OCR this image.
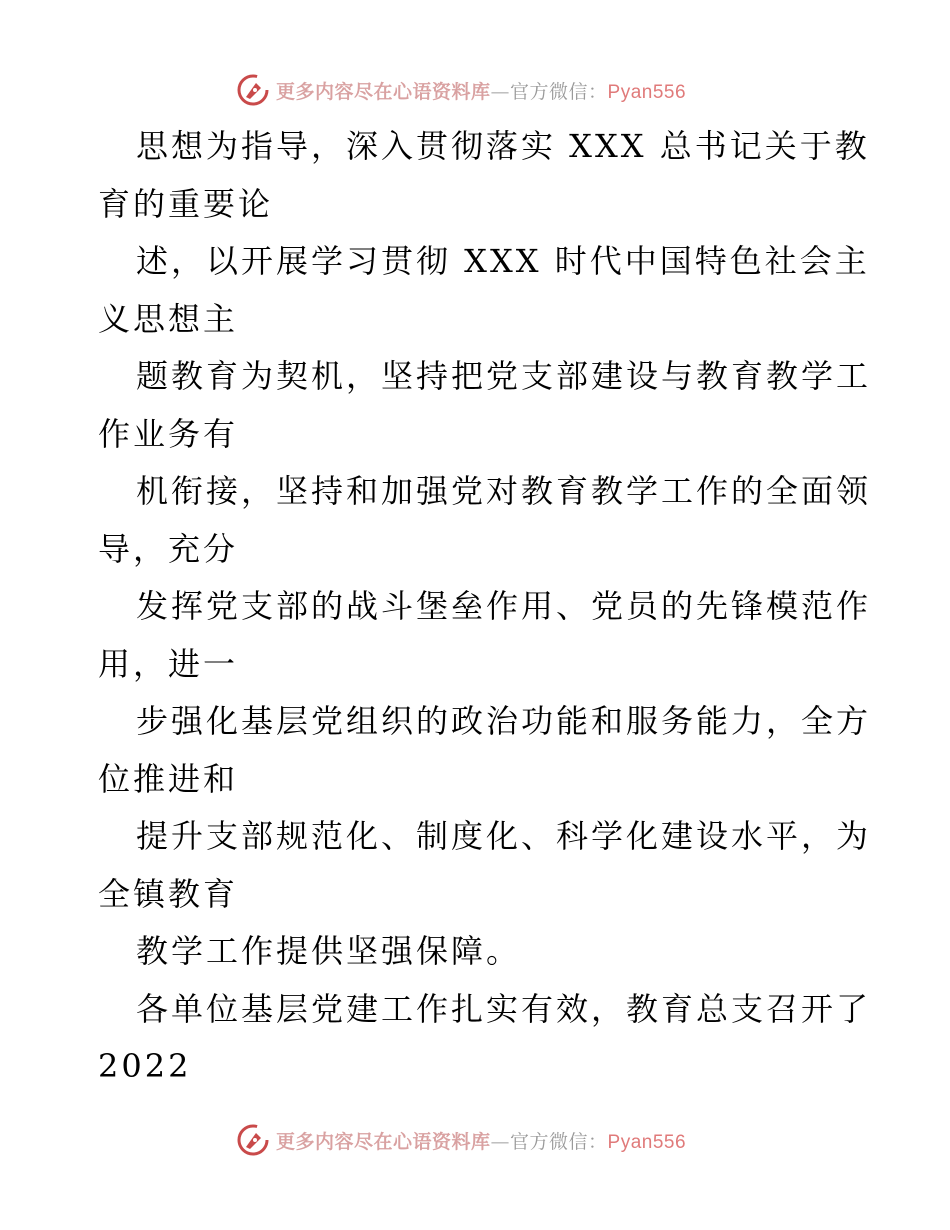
更多内容尽在心语资料库—官方微信：Pyan556
思想为指导，深入贯彻落实 XXX 总书记关于教
育的重要论
述，以开展学习贯彻 XXX 时代中国特色社会主
义思想主
题教育为契机，坚持把党支部建设与教育教学工
作业务有
机衔接，坚持和加强党对教育教学工作的全面领
导，充分
发挥党支部的战斗堡垒作用、党员的先锋模范作
用，进一
步强化基层党组织的政治功能和服务能力，全方
位推进和
提升支部规范化、制度化、科学化建设水平，为
全镇教育
教学工作提供坚强保障。
各单位基层党建工作扎实有效，教育总支召开了
2022
更多内容尽在心语资料库—官方微信：Pyan556
